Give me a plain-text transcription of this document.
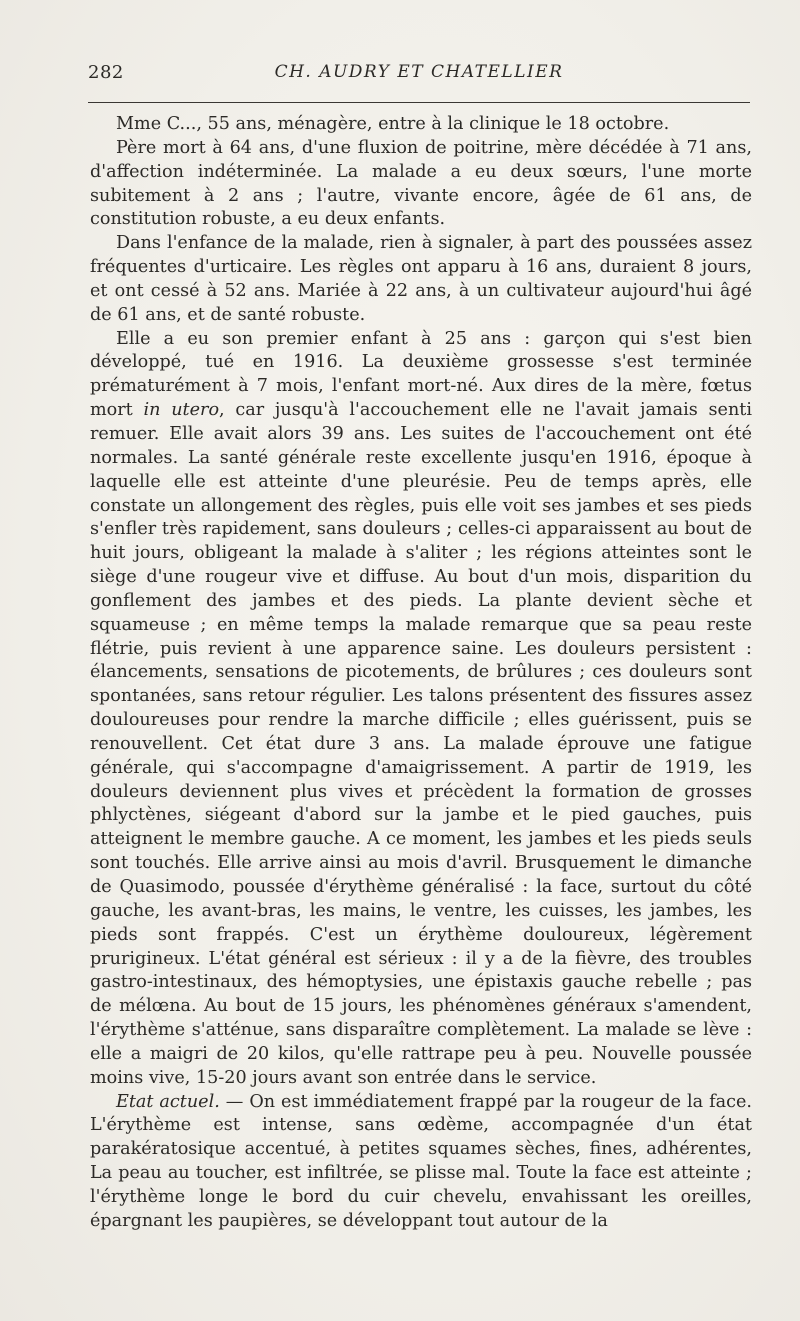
282	CH. AUDRY ET CHATELLIER

Mme C..., 55 ans, ménagère, entre à la clinique le 18 octobre.

Père mort à 64 ans, d'une fluxion de poitrine, mère décédée à 71 ans, d'affection indéterminée. La malade a eu deux sœurs, l'une morte subitement à 2 ans ; l'autre, vivante encore, âgée de 61 ans, de constitution robuste, a eu deux enfants.

Dans l'enfance de la malade, rien à signaler, à part des poussées assez fréquentes d'urticaire. Les règles ont apparu à 16 ans, duraient 8 jours, et ont cessé à 52 ans. Mariée à 22 ans, à un cultivateur aujourd'hui âgé de 61 ans, et de santé robuste.

Elle a eu son premier enfant à 25 ans : garçon qui s'est bien développé, tué en 1916. La deuxième grossesse s'est terminée prématurément à 7 mois, l'enfant mort-né. Aux dires de la mère, fœtus mort in utero, car jusqu'à l'accouchement elle ne l'avait jamais senti remuer. Elle avait alors 39 ans. Les suites de l'accouchement ont été normales. La santé générale reste excellente jusqu'en 1916, époque à laquelle elle est atteinte d'une pleurésie. Peu de temps après, elle constate un allongement des règles, puis elle voit ses jambes et ses pieds s'enfler très rapidement, sans douleurs ; celles-ci apparaissent au bout de huit jours, obligeant la malade à s'aliter ; les régions atteintes sont le siège d'une rougeur vive et diffuse. Au bout d'un mois, disparition du gonflement des jambes et des pieds. La plante devient sèche et squameuse ; en même temps la malade remarque que sa peau reste flétrie, puis revient à une apparence saine. Les douleurs persistent : élancements, sensations de picotements, de brûlures ; ces douleurs sont spontanées, sans retour régulier. Les talons présentent des fissures assez douloureuses pour rendre la marche difficile ; elles guérissent, puis se renouvellent. Cet état dure 3 ans. La malade éprouve une fatigue générale, qui s'accompagne d'amaigrissement. A partir de 1919, les douleurs deviennent plus vives et précèdent la formation de grosses phlyctènes, siégeant d'abord sur la jambe et le pied gauches, puis atteignent le membre gauche. A ce moment, les jambes et les pieds seuls sont touchés. Elle arrive ainsi au mois d'avril. Brusquement le dimanche de Quasimodo, poussée d'érythème généralisé : la face, surtout du côté gauche, les avant-bras, les mains, le ventre, les cuisses, les jambes, les pieds sont frappés. C'est un érythème douloureux, légèrement prurigineux. L'état général est sérieux : il y a de la fièvre, des troubles gastro-intestinaux, des hémoptysies, une épistaxis gauche rebelle ; pas de mélœna. Au bout de 15 jours, les phénomènes généraux s'amendent, l'érythème s'atténue, sans disparaître complètement. La malade se lève : elle a maigri de 20 kilos, qu'elle rattrape peu à peu. Nouvelle poussée moins vive, 15-20 jours avant son entrée dans le service.

Etat actuel. — On est immédiatement frappé par la rougeur de la face. L'érythème est intense, sans œdème, accompagnée d'un état parakératosique accentué, à petites squames sèches, fines, adhérentes, La peau au toucher, est infiltrée, se plisse mal. Toute la face est atteinte ; l'érythème longe le bord du cuir chevelu, envahissant les oreilles, épargnant les paupières, se développant tout autour de la
